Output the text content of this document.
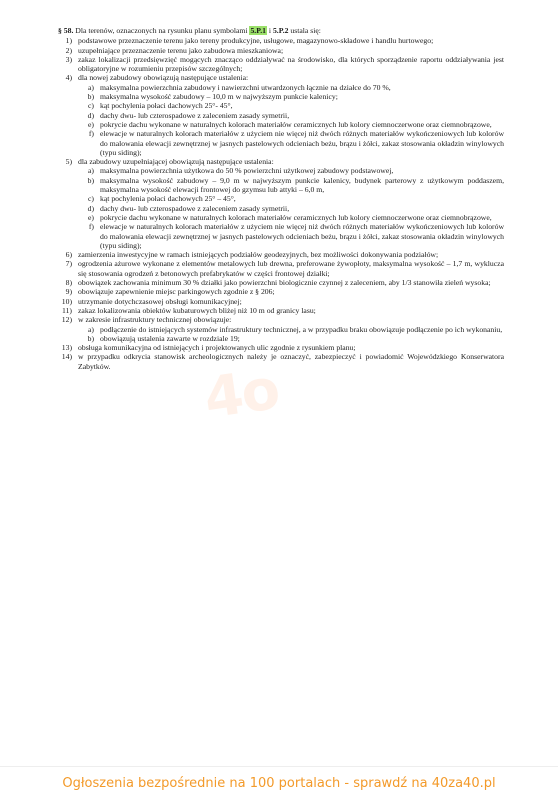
4o
§ 58. Dla terenów, oznaczonych na rysunku planu symbolami 5.P.1 i 5.P.2 ustala się:
1) podstawowe przeznaczenie terenu jako tereny produkcyjne, usługowe, magazynowo-składowe i handlu hurtowego;
2) uzupełniające przeznaczenie terenu jako zabudowa mieszkaniowa;
3) zakaz lokalizacji przedsięwzięć mogących znacząco oddziaływać na środowisko, dla których sporządzenie raportu oddziaływania jest obligatoryjne w rozumieniu przepisów szczególnych;
4) dla nowej zabudowy obowiązują następujące ustalenia:
a) maksymalna powierzchnia zabudowy i nawierzchni utwardzonych łącznie na działce do 70 %,
b) maksymalna wysokość zabudowy – 10,0 m w najwyższym punkcie kalenicy;
c) kąt pochylenia połaci dachowych 25°- 45°,
d) dachy dwu- lub czterospadowe z zaleceniem zasady symetrii,
e) pokrycie dachu wykonane w naturalnych kolorach materiałów ceramicznych lub kolory ciemnoczerwone oraz ciemnobrązowe,
f) elewacje w naturalnych kolorach materiałów z użyciem nie więcej niż dwóch różnych materiałów wykończeniowych lub kolorów do malowania elewacji zewnętrznej w jasnych pastelowych odcieniach beżu, brązu i żółci, zakaz stosowania okładzin winylowych (typu siding);
5) dla zabudowy uzupełniającej obowiązują następujące ustalenia:
a) maksymalna powierzchnia użytkowa do 50 % powierzchni użytkowej zabudowy podstawowej,
b) maksymalna wysokość zabudowy – 9,0 m w najwyższym punkcie kalenicy, budynek parterowy z użytkowym poddaszem, maksymalna wysokość elewacji frontowej do gzymsu lub attyki – 6,0 m,
c) kąt pochylenia połaci dachowych 25° – 45°,
d) dachy dwu- lub czterospadowe z zaleceniem zasady symetrii,
e) pokrycie dachu wykonane w naturalnych kolorach materiałów ceramicznych lub kolory ciemnoczerwone oraz ciemnobrązowe,
f) elewacje w naturalnych kolorach materiałów z użyciem nie więcej niż dwóch różnych materiałów wykończeniowych lub kolorów do malowania elewacji zewnętrznej w jasnych pastelowych odcieniach beżu, brązu i żółci, zakaz stosowania okładzin winylowych (typu siding);
6) zamierzenia inwestycyjne w ramach istniejących podziałów geodezyjnych, bez możliwości dokonywania podziałów;
7) ogrodzenia ażurowe wykonane z elementów metalowych lub drewna, preferowane żywopłoty, maksymalna wysokość – 1,7 m, wyklucza się stosowania ogrodzeń z betonowych prefabrykatów w części frontowej działki;
8) obowiązek zachowania minimum 30 % działki jako powierzchni biologicznie czynnej z zaleceniem, aby 1/3 stanowiła zieleń wysoka;
9) obowiązuje zapewnienie miejsc parkingowych zgodnie z § 206;
10) utrzymanie dotychczasowej obsługi komunikacyjnej;
11) zakaz lokalizowania obiektów kubaturowych bliżej niż 10 m od granicy lasu;
12) w zakresie infrastruktury technicznej obowiązuje:
a) podłączenie do istniejących systemów infrastruktury technicznej, a w przypadku braku obowiązuje podłączenie po ich wykonaniu,
b) obowiązują ustalenia zawarte w rozdziale 19;
13) obsługa komunikacyjna od istniejących i projektowanych ulic zgodnie z rysunkiem planu;
14) w przypadku odkrycia stanowisk archeologicznych należy je oznaczyć, zabezpieczyć i powiadomić Wojewódzkiego Konserwatora Zabytków.
Ogłoszenia bezpośrednie na 100 portalach - sprawdź na 40za40.pl
